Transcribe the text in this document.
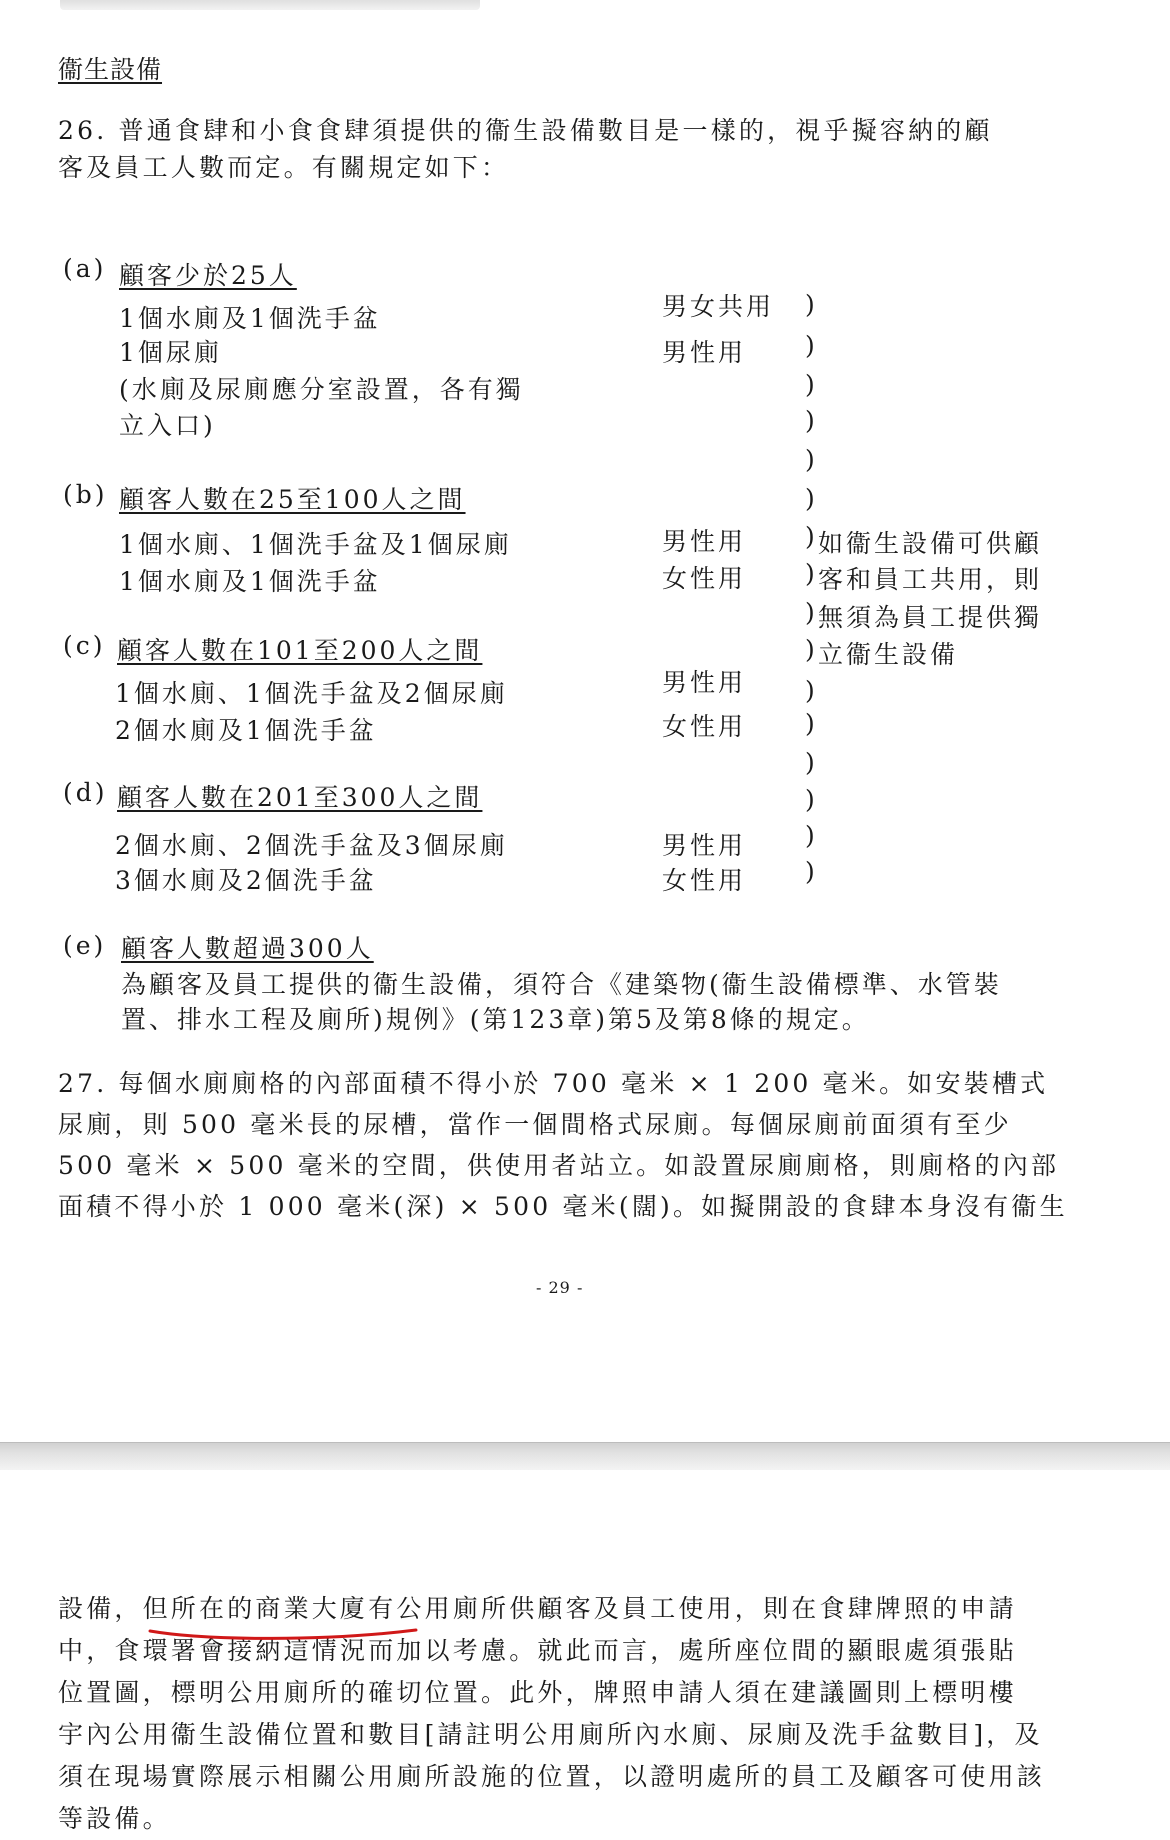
衞生設備

26. 普通食肆和小食食肆須提供的衞生設備數目是一樣的，視乎擬容納的顧

客及員工人數而定。有關規定如下：

(a) 顧客少於25人
1個水廁及1個洗手盆
1個尿廁
(水廁及尿廁應分室設置，各有獨
立入口)
男女共用
男性用
(b) 顧客人數在25至100人之間
1個水廁、1個洗手盆及1個尿廁
1個水廁及1個洗手盆
男性用
女性用
(c) 顧客人數在101至200人之間
1個水廁、1個洗手盆及2個尿廁
2個水廁及1個洗手盆
男性用
女性用
(d) 顧客人數在201至300人之間
2個水廁、2個洗手盆及3個尿廁
3個水廁及2個洗手盆
男性用
女性用
)
)
)
)
)
)
)
)
)
)
)
)
)
)
)
)
如衞生設備可供顧
客和員工共用，則
無須為員工提供獨
立衞生設備
(e) 顧客人數超過300人
為顧客及員工提供的衞生設備，須符合《建築物(衞生設備標準、水管裝
置、排水工程及廁所)規例》(第123章)第5及第8條的規定。

27. 每個水廁廁格的內部面積不得小於 700 毫米 × 1 200 毫米。如安裝槽式

尿廁，則 500 毫米長的尿槽，當作一個間格式尿廁。每個尿廁前面須有至少

500 毫米 × 500 毫米的空間，供使用者站立。如設置尿廁廁格，則廁格的內部

面積不得小於 1 000 毫米(深) × 500 毫米(闊)。如擬開設的食肆本身沒有衞生

- 29 -

設備，但所在的商業大廈有公用廁所供顧客及員工使用，則在食肆牌照的申請

中，食環署會接納這情況而加以考慮。就此而言，處所座位間的顯眼處須張貼

位置圖，標明公用廁所的確切位置。此外，牌照申請人須在建議圖則上標明樓

宇內公用衞生設備位置和數目[請註明公用廁所內水廁、尿廁及洗手盆數目]，及

須在現場實際展示相關公用廁所設施的位置，以證明處所的員工及顧客可使用該

等設備。
